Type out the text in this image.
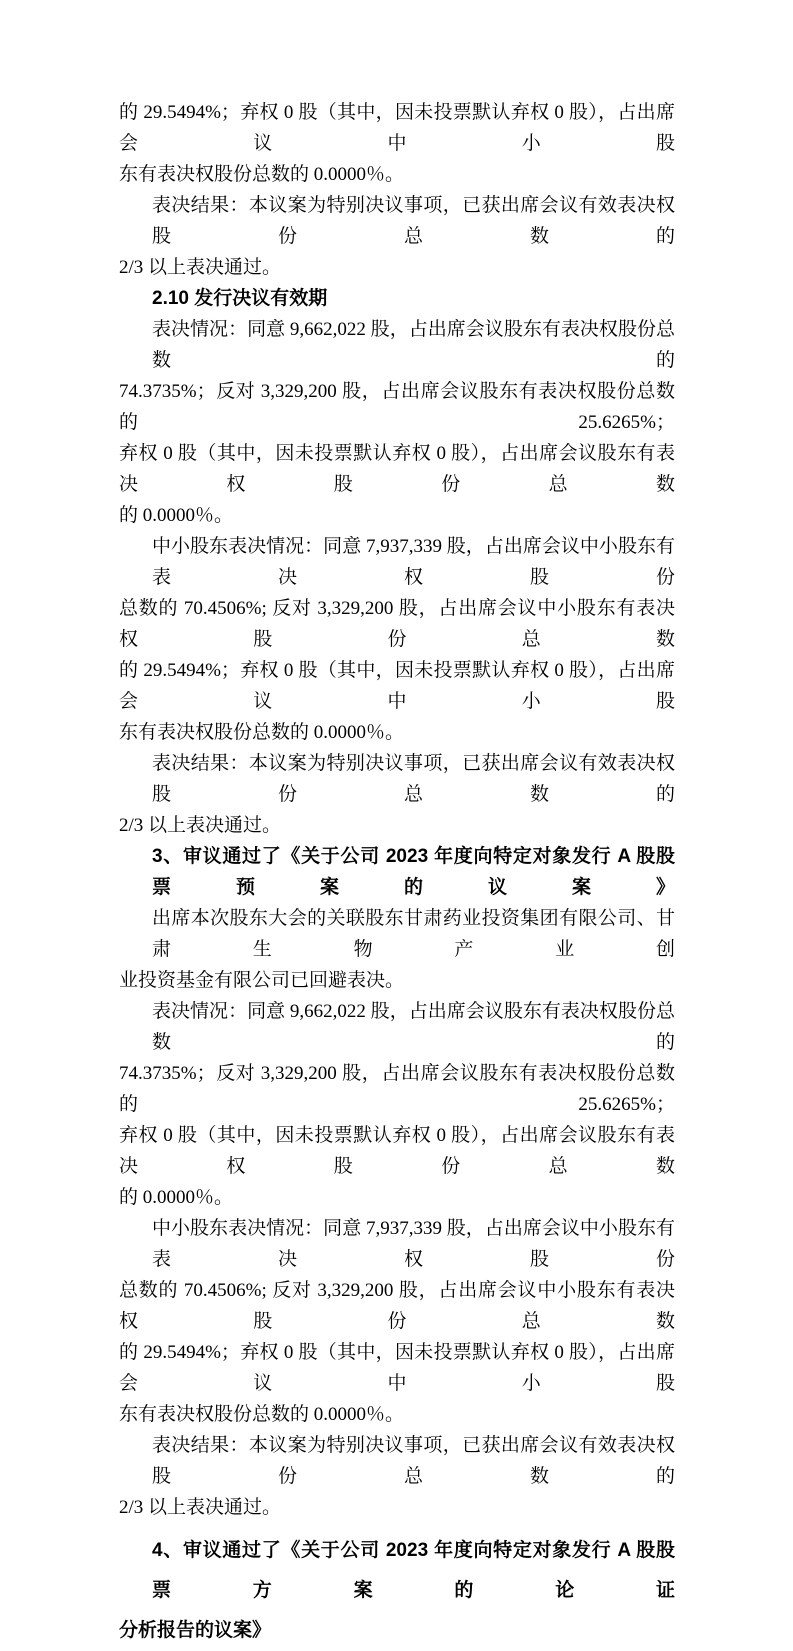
的 29.5494%；弃权 0 股（其中，因未投票默认弃权 0 股），占出席会议中小股
东有表决权股份总数的 0.0000％。
表决结果：本议案为特别决议事项，已获出席会议有效表决权股份总数的
2/3 以上表决通过。
2.10 发行决议有效期
表决情况：同意 9,662,022 股，占出席会议股东有表决权股份总数的
74.3735%；反对 3,329,200 股，占出席会议股东有表决权股份总数的 25.6265%；
弃权 0 股（其中，因未投票默认弃权 0 股），占出席会议股东有表决权股份总数
的 0.0000％。
中小股东表决情况：同意 7,937,339 股，占出席会议中小股东有表决权股份
总数的 70.4506%; 反对 3,329,200 股，占出席会议中小股东有表决权股份总数
的 29.5494%；弃权 0 股（其中，因未投票默认弃权 0 股），占出席会议中小股
东有表决权股份总数的 0.0000％。
表决结果：本议案为特别决议事项，已获出席会议有效表决权股份总数的
2/3 以上表决通过。
3、审议通过了《关于公司 2023 年度向特定对象发行 A 股股票预案的议案》
出席本次股东大会的关联股东甘肃药业投资集团有限公司、甘肃生物产业创
业投资基金有限公司已回避表决。
表决情况：同意 9,662,022 股，占出席会议股东有表决权股份总数的
74.3735%；反对 3,329,200 股，占出席会议股东有表决权股份总数的 25.6265%；
弃权 0 股（其中，因未投票默认弃权 0 股），占出席会议股东有表决权股份总数
的 0.0000％。
中小股东表决情况：同意 7,937,339 股，占出席会议中小股东有表决权股份
总数的 70.4506%; 反对 3,329,200 股，占出席会议中小股东有表决权股份总数
的 29.5494%；弃权 0 股（其中，因未投票默认弃权 0 股），占出席会议中小股
东有表决权股份总数的 0.0000％。
表决结果：本议案为特别决议事项，已获出席会议有效表决权股份总数的
2/3 以上表决通过。
4、审议通过了《关于公司 2023 年度向特定对象发行 A 股股票方案的论证
分析报告的议案》
